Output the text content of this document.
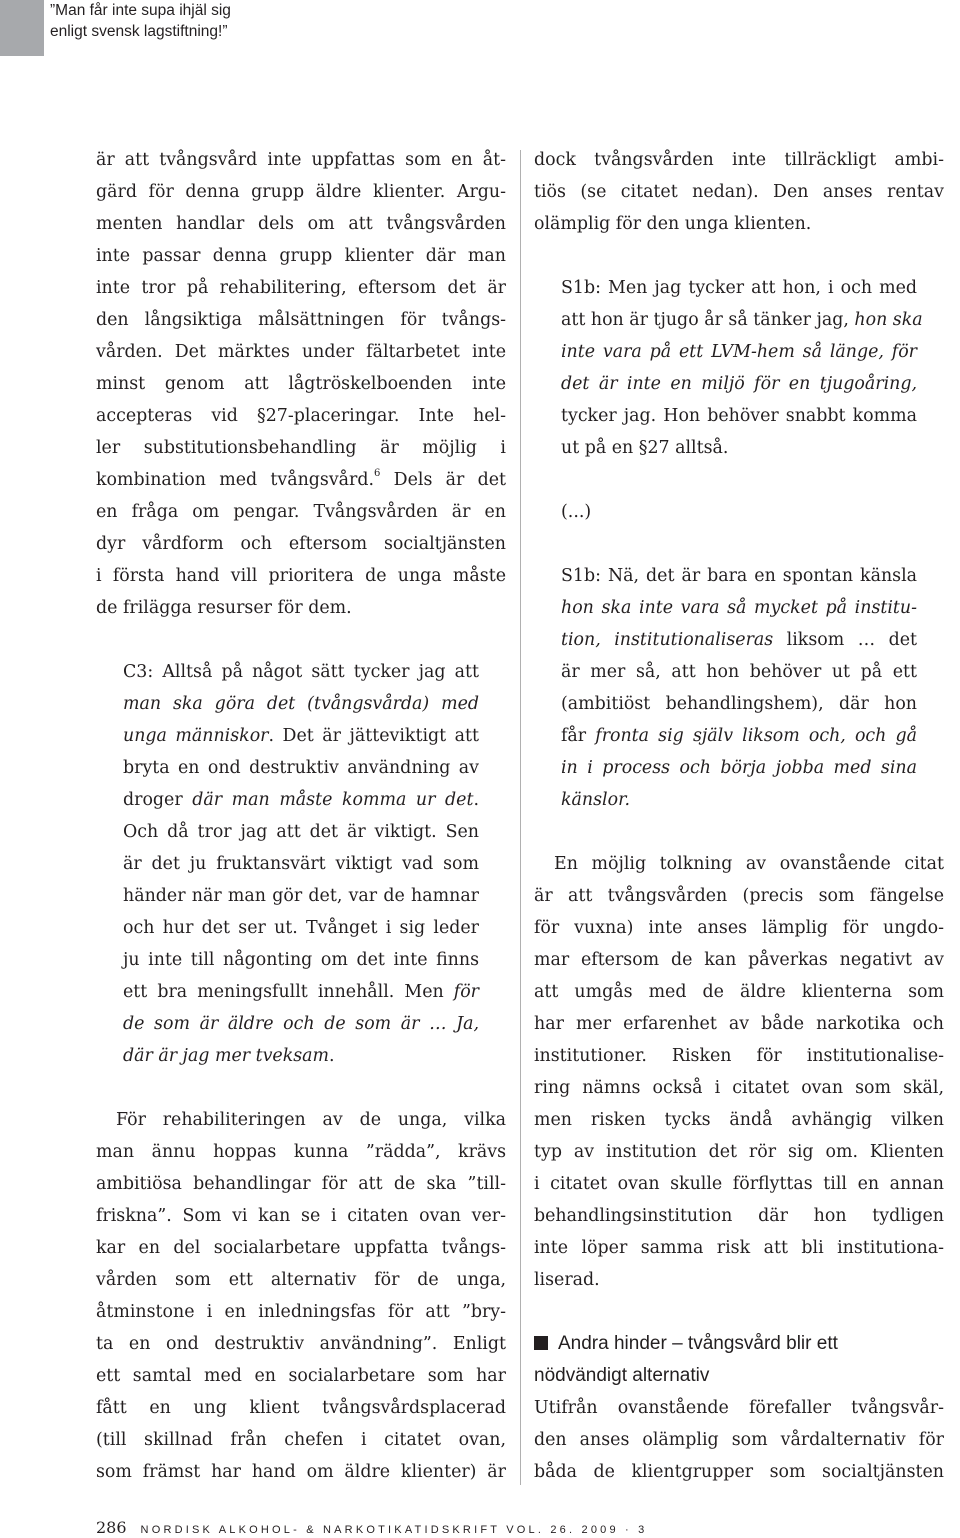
”Man får inte supa ihjäl sig
enligt svensk lagstiftning!”
är att tvångsvård inte uppfattas som en åt-
gärd för denna grupp äldre klienter. Argu-
menten handlar dels om att tvångsvården
inte passar denna grupp klienter där man
inte tror på rehabilitering, eftersom det är
den långsiktiga målsättningen för tvångs-
vården. Det märktes under fältarbetet inte
minst genom att lågtröskelboenden inte
accepteras vid §27-placeringar. Inte hel-
ler substitutionsbehandling är möjlig i
kombination med tvångsvård.$^6$ Dels är det
en fråga om pengar. Tvångsvården är en
dyr vårdform och eftersom socialtjänsten
i första hand vill prioritera de unga måste
de frilägga resurser för dem.
C3: Alltså på något sätt tycker jag att
man ska göra det (tvångsvårda) med
unga människor. Det är jätteviktigt att
bryta en ond destruktiv användning av
droger där man måste komma ur det.
Och då tror jag att det är viktigt. Sen
är det ju fruktansvärt viktigt vad som
händer när man gör det, var de hamnar
och hur det ser ut. Tvånget i sig leder
ju inte till någonting om det inte finns
ett bra meningsfullt innehåll. Men för
de som är äldre och de som är … Ja,
där är jag mer tveksam.
För rehabiliteringen av de unga, vilka
man ännu hoppas kunna ”rädda”, krävs
ambitiösa behandlingar för att de ska ”till-
friskna”. Som vi kan se i citaten ovan ver-
kar en del socialarbetare uppfatta tvångs-
vården som ett alternativ för de unga,
åtminstone i en inledningsfas för att ”bry-
ta en ond destruktiv användning”. Enligt
ett samtal med en socialarbetare som har
fått en ung klient tvångsvårdsplacerad
(till skillnad från chefen i citatet ovan,
som främst har hand om äldre klienter) är
dock tvångsvården inte tillräckligt ambi-
tiös (se citatet nedan). Den anses rentav
olämplig för den unga klienten.
S1b: Men jag tycker att hon, i och med
att hon är tjugo år så tänker jag, hon ska
inte vara på ett LVM-hem så länge, för
det är inte en miljö för en tjugoåring,
tycker jag. Hon behöver snabbt komma
ut på en §27 alltså.
(...)
S1b: Nä, det är bara en spontan känsla
hon ska inte vara så mycket på institu-
tion, institutionaliseras liksom … det
är mer så, att hon behöver ut på ett
(ambitiöst behandlingshem), där hon
får fronta sig själv liksom och, och gå
in i process och börja jobba med sina
känslor.
En möjlig tolkning av ovanstående citat
är att tvångsvården (precis som fängelse
för vuxna) inte anses lämplig för ungdo-
mar eftersom de kan påverkas negativt av
att umgås med de äldre klienterna som
har mer erfarenhet av både narkotika och
institutioner. Risken för institutionalise-
ring nämns också i citatet ovan som skäl,
men risken tycks ändå avhängig vilken
typ av institution det rör sig om. Klienten
i citatet ovan skulle förflyttas till en annan
behandlingsinstitution där hon tydligen
inte löper samma risk att bli institutiona-
liserad.
Andra hinder – tvångsvård blir ett
nödvändigt alternativ
Utifrån ovanstående förefaller tvångsvår-
den anses olämplig som vårdalternativ för
båda de klientgrupper som socialtjänsten
286 NORDISK ALKOHOL- & NARKOTIKATIDSKRIFT VOL. 26. 2009 · 3
